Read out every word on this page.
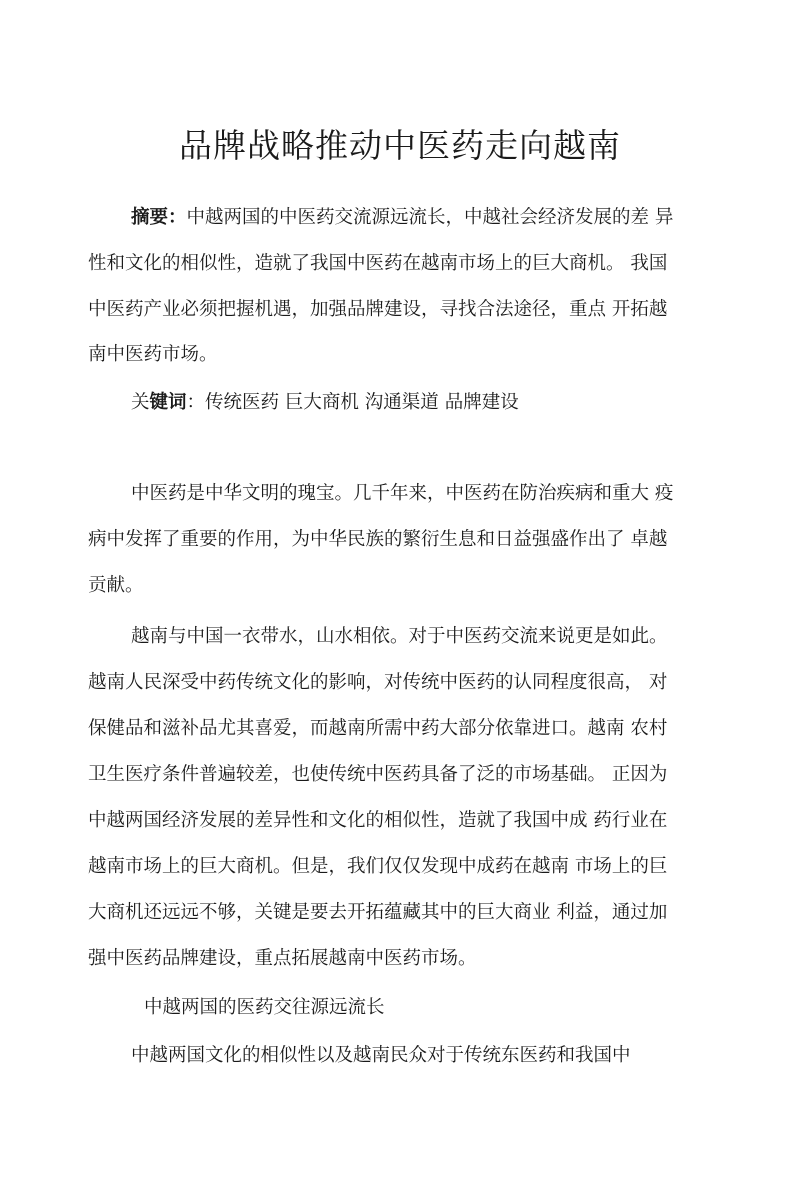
品牌战略推动中医药走向越南

摘要：中越两国的中医药交流源远流长，中越社会经济发展的差 异

性和文化的相似性，造就了我国中医药在越南市场上的巨大商机。 我国

中医药产业必须把握机遇，加强品牌建设，寻找合法途径，重点 开拓越

南中医药市场。

关键词：传统医药 巨大商机 沟通渠道 品牌建设

中医药是中华文明的瑰宝。几千年来，中医药在防治疾病和重大 疫

病中发挥了重要的作用，为中华民族的繁衍生息和日益强盛作出了 卓越

贡献。

越南与中国一衣带水，山水相依。对于中医药交流来说更是如此。

越南人民深受中药传统文化的影响，对传统中医药的认同程度很高， 对

保健品和滋补品尤其喜爱，而越南所需中药大部分依靠进口。越南 农村

卫生医疗条件普遍较差，也使传统中医药具备了泛的市场基础。 正因为

中越两国经济发展的差异性和文化的相似性，造就了我国中成 药行业在

越南市场上的巨大商机。但是，我们仅仅发现中成药在越南 市场上的巨

大商机还远远不够，关键是要去开拓蕴藏其中的巨大商业 利益，通过加

强中医药品牌建设，重点拓展越南中医药市场。

中越两国的医药交往源远流长

中越两国文化的相似性以及越南民众对于传统东医药和我国中
